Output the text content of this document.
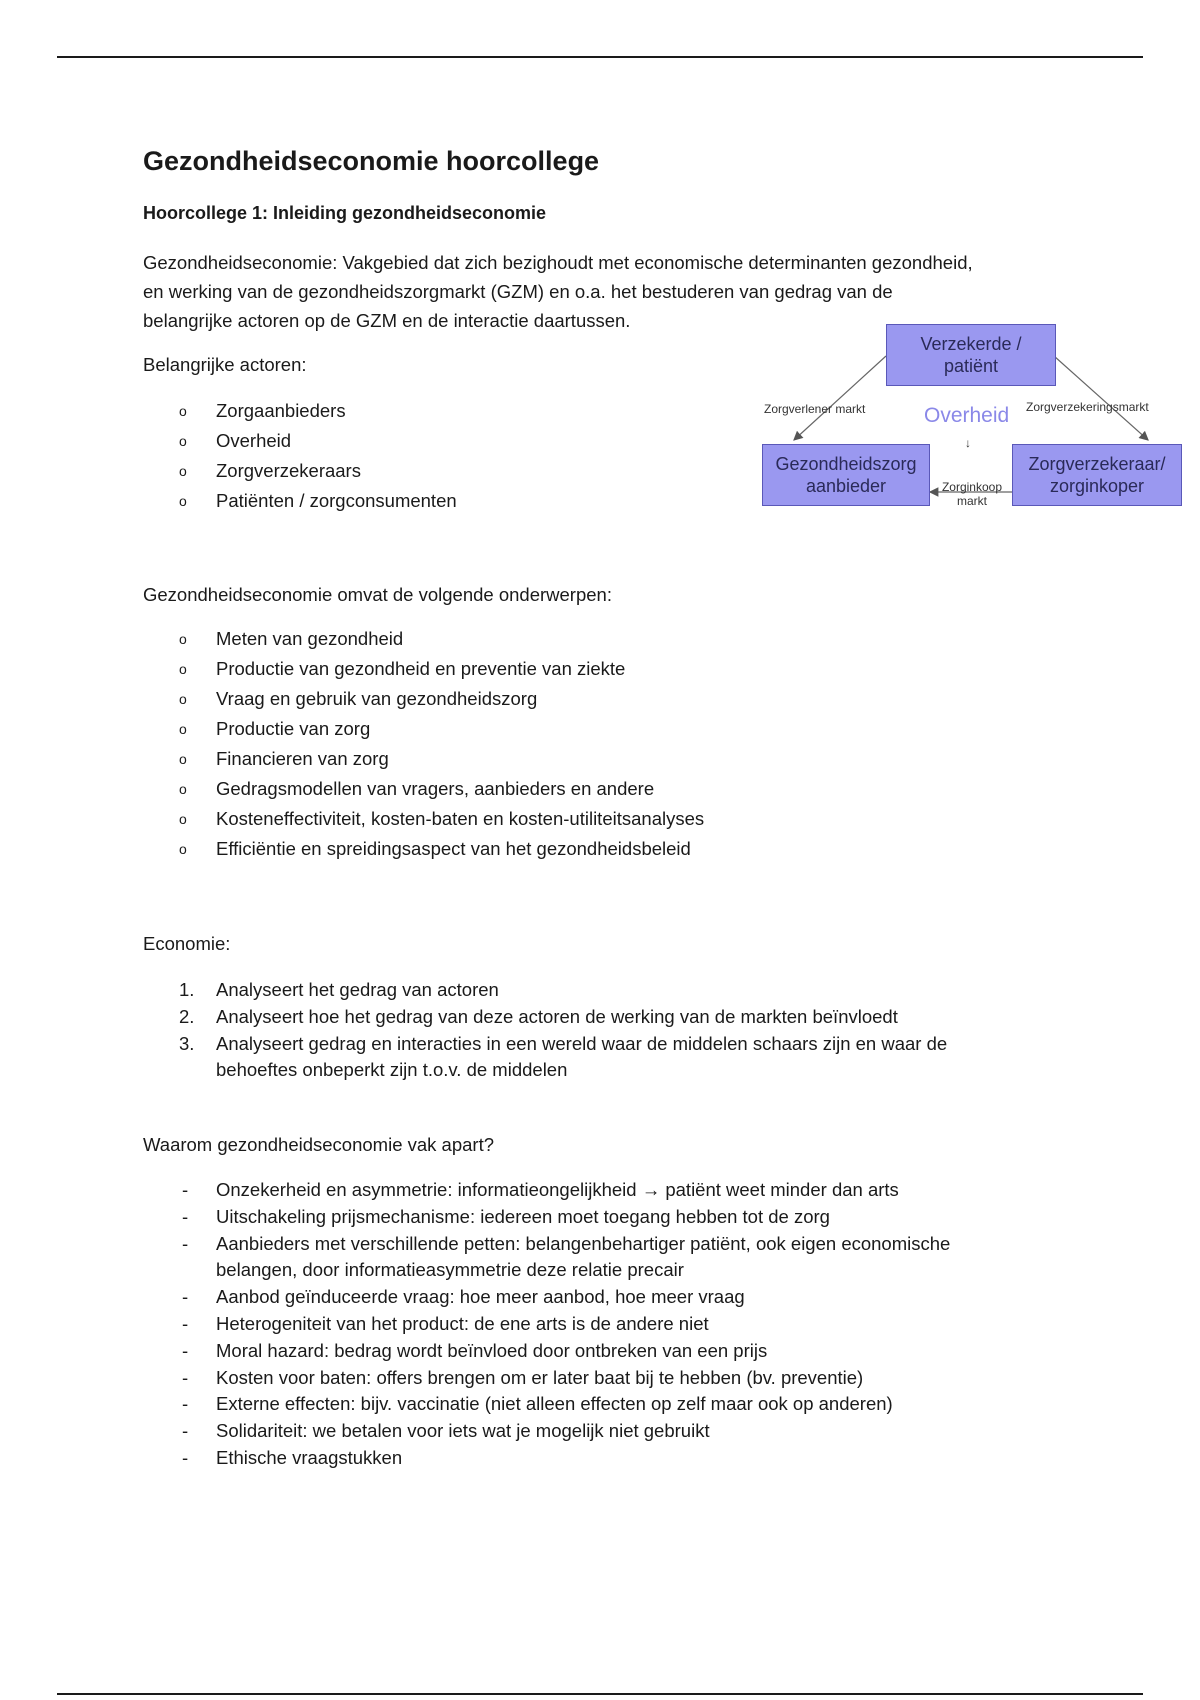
Gezondheidseconomie hoorcollege
Hoorcollege 1: Inleiding gezondheidseconomie
Gezondheidseconomie: Vakgebied dat zich bezighoudt met economische determinanten gezondheid,
en werking van de gezondheidszorgmarkt (GZM) en o.a. het bestuderen van gedrag van de
belangrijke actoren op de GZM en de interactie daartussen.
Belangrijke actoren:
o Zorgaanbieders
o Overheid
o Zorgverzekeraars
o Patiënten / zorgconsumenten
Gezondheidseconomie omvat de volgende onderwerpen:
o Meten van gezondheid
o Productie van gezondheid en preventie van ziekte
o Vraag en gebruik van gezondheidszorg
o Productie van zorg
o Financieren van zorg
o Gedragsmodellen van vragers, aanbieders en andere
o Kosteneffectiviteit, kosten-baten en kosten-utiliteitsanalyses
o Efficiëntie en spreidingsaspect van het gezondheidsbeleid
Economie:
1. Analyseert het gedrag van actoren
2. Analyseert hoe het gedrag van deze actoren de werking van de markten beïnvloedt
3. Analyseert gedrag en interacties in een wereld waar de middelen schaars zijn en waar de
behoeftes onbeperkt zijn t.o.v. de middelen
Waarom gezondheidseconomie vak apart?
- Onzekerheid en asymmetrie: informatieongelijkheid → patiënt weet minder dan arts
- Uitschakeling prijsmechanisme: iedereen moet toegang hebben tot de zorg
- Aanbieders met verschillende petten: belangenbehartiger patiënt, ook eigen economische
belangen, door informatieasymmetrie deze relatie precair
- Aanbod geïnduceerde vraag: hoe meer aanbod, hoe meer vraag
- Heterogeniteit van het product: de ene arts is de andere niet
- Moral hazard: bedrag wordt beïnvloed door ontbreken van een prijs
- Kosten voor baten: offers brengen om er later baat bij te hebben (bv. preventie)
- Externe effecten: bijv. vaccinatie (niet alleen effecten op zelf maar ook op anderen)
- Solidariteit: we betalen voor iets wat je mogelijk niet gebruikt
- Ethische vraagstukken
Verzekerde /
patiënt
Gezondheidszorg
aanbieder
Zorgverzekeraar/
zorginkoper
Zorgverlener markt	Overheid Zorgverzekeringsmarkt
↓
Zorginkoop
markt
